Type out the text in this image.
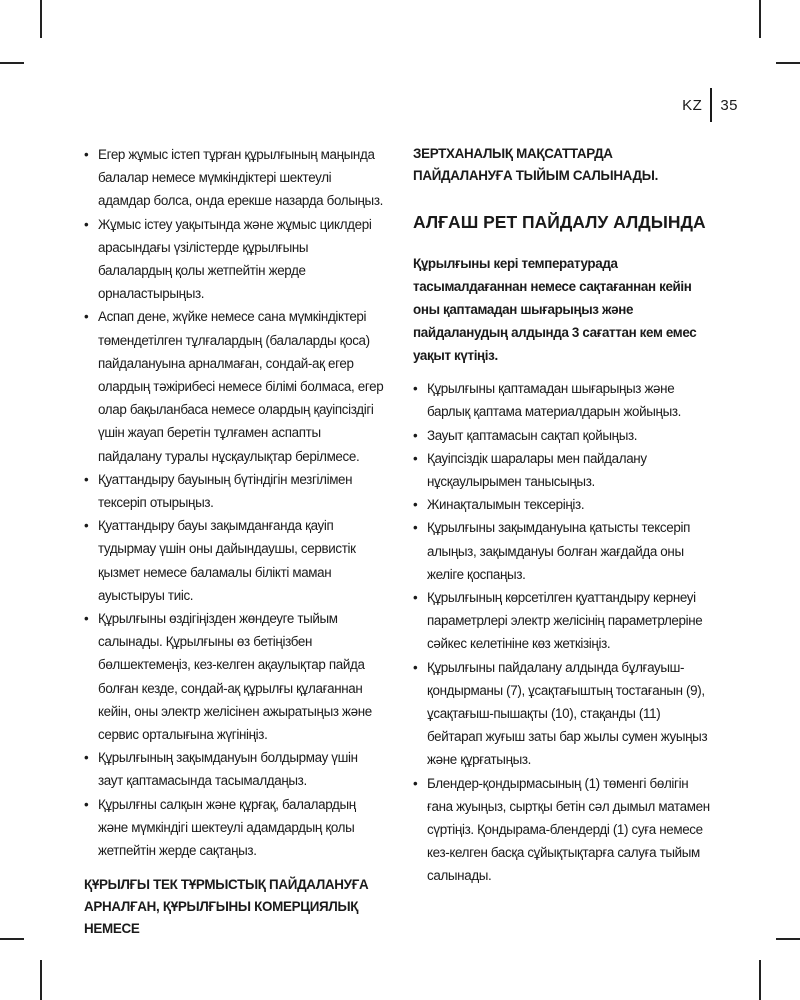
KZ 35
• Егер жұмыс істеп тұрған құрылғының маңында балалар немесе мүмкіндіктері шектеулі адамдар болса, онда ерекше назарда болыңыз.
• Жұмыс істеу уақытында және жұмыс циклдері арасындағы үзілістерде құрылғыны балалардың қолы жетпейтін жерде орналастырыңыз.
• Аспап дене, жүйке немесе сана мүмкіндіктері төмендетілген тұлғалардың (балаларды қоса) пайдалануына арналмаған, сондай-ақ егер олардың тәжірибесі немесе білімі болмаса, егер олар бақыланбаса немесе олардың қауіпсіздігі үшін жауап беретін тұлғамен аспапты пайдалану туралы нұсқаулықтар берілмесе.
• Қуаттандыру бауының бүтіндігін мезгілімен тексеріп отырыңыз.
• Қуаттандыру бауы зақымданғанда қауіп тудырмау үшін оны дайындаушы, сервистік қызмет немесе баламалы білікті маман ауыстыруы тиіс.
• Құрылғыны өздігіңізден жөндеуге тыйым салынады. Құрылғыны өз бетіңізбен бөлшектемеңіз, кез-келген ақаулықтар пайда болған кезде, сондай-ақ құрылғы құлағаннан кейін, оны электр желісінен ажыратыңыз және сервис орталығына жүгініңіз.
• Құрылғының зақымдануын болдырмау үшін заут қаптамасында тасымалдаңыз.
• Құрылғны салқын және құрғақ, балалардың және мүмкіндігі шектеулі адамдардың қолы жетпейтін жерде сақтаңыз.
ҚҰРЫЛҒЫ ТЕК ТҰРМЫСТЫҚ ПАЙДАЛАНУҒА АРНАЛҒАН, ҚҰРЫЛҒЫНЫ КОМЕРЦИЯЛЫҚ НЕМЕСЕ
ЗЕРТХАНАЛЫҚ МАҚСАТТАРДА ПАЙДАЛАНУҒА ТЫЙЫМ САЛЫНАДЫ.
АЛҒАШ РЕТ ПАЙДАЛУ АЛДЫНДА
Құрылғыны кері температурада тасымалдағаннан немесе сақтағаннан кейін оны қаптамадан шығарыңыз және пайдаланудың алдында 3 сағаттан кем емес уақыт күтіңіз.
• Құрылғыны қаптамадан шығарыңыз және барлық қаптама материалдарын жойыңыз.
• Зауыт қаптамасын сақтап қойыңыз.
• Қауіпсіздік шаралары мен пайдалану нұсқаулырымен танысыңыз.
• Жинақталымын тексеріңіз.
• Құрылғыны зақымдануына қатысты тексеріп алыңыз, зақымдануы болған жағдайда оны желіге қоспаңыз.
• Құрылғының көрсетілген қуаттандыру кернеуі параметрлері электр желісінің параметрлеріне сәйкес келетініне көз жеткізіңіз.
• Құрылғыны пайдалану алдында бұлғауыш-қондырманы (7), ұсақтағыштың тостағанын (9), ұсақтағыш-пышақты (10), стақанды (11) бейтарап жуғыш заты бар жылы сумен жуыңыз және құрғатыңыз.
• Блендер-қондырмасының (1) төменгі бөлігін ғана жуыңыз, сыртқы бетін сәл дымыл матамен сүртіңіз. Қондырама-блендерді (1) суға немесе кез-келген басқа сұйықтықтарға салуға тыйым салынады.
